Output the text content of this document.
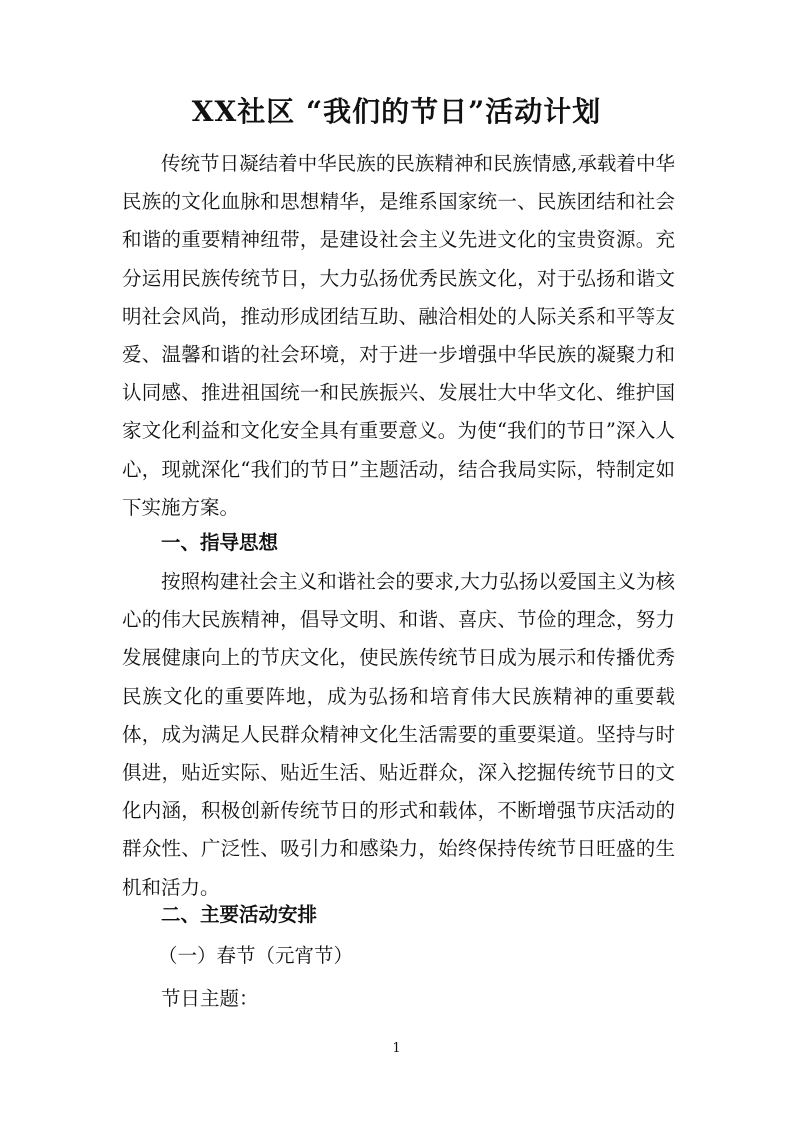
XX社区 “我们的节日”活动计划

传统节日凝结着中华民族的民族精神和民族情感,承载着中华民族的文化血脉和思想精华，是维系国家统一、民族团结和社会和谐的重要精神纽带，是建设社会主义先进文化的宝贵资源。充分运用民族传统节日，大力弘扬优秀民族文化，对于弘扬和谐文明社会风尚，推动形成团结互助、融洽相处的人际关系和平等友爱、温馨和谐的社会环境，对于进一步增强中华民族的凝聚力和认同感、推进祖国统一和民族振兴、发展壮大中华文化、维护国家文化利益和文化安全具有重要意义。为使“我们的节日”深入人心，现就深化“我们的节日”主题活动，结合我局实际，特制定如下实施方案。

一、指导思想

按照构建社会主义和谐社会的要求,大力弘扬以爱国主义为核心的伟大民族精神，倡导文明、和谐、喜庆、节俭的理念，努力发展健康向上的节庆文化，使民族传统节日成为展示和传播优秀民族文化的重要阵地，成为弘扬和培育伟大民族精神的重要载体，成为满足人民群众精神文化生活需要的重要渠道。坚持与时俱进，贴近实际、贴近生活、贴近群众，深入挖掘传统节日的文化内涵，积极创新传统节日的形式和载体，不断增强节庆活动的群众性、广泛性、吸引力和感染力，始终保持传统节日旺盛的生机和活力。

二、主要活动安排
（一）春节（元宵节）
节日主题：
1
